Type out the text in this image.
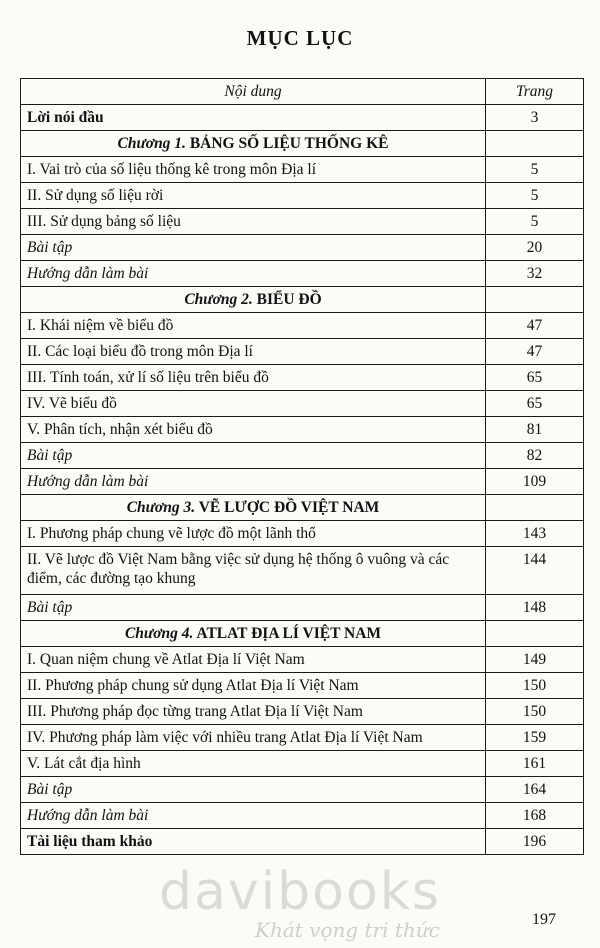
MỤC LỤC
Nội dung	Trang
Lời nói đầu	3
Chương 1. BẢNG SỐ LIỆU THỐNG KÊ	
I. Vai trò của số liệu thống kê trong môn Địa lí	5
II. Sử dụng số liệu rời	5
III. Sử dụng bảng số liệu	5
Bài tập	20
Hướng dẫn làm bài	32
Chương 2. BIỂU ĐỒ	
I. Khái niệm về biểu đồ	47
II. Các loại biểu đồ trong môn Địa lí	47
III. Tính toán, xử lí số liệu trên biểu đồ	65
IV. Vẽ biểu đồ	65
V. Phân tích, nhận xét biểu đồ	81
Bài tập	82
Hướng dẫn làm bài	109
Chương 3. VẼ LƯỢC ĐỒ VIỆT NAM	
I. Phương pháp chung vẽ lược đồ một lãnh thổ	143
II. Vẽ lược đồ Việt Nam bằng việc sử dụng hệ thống ô vuông và các điểm, các đường tạo khung	144
Bài tập	148
Chương 4. ATLAT ĐỊA LÍ VIỆT NAM	
I. Quan niệm chung về Atlat Địa lí Việt Nam	149
II. Phương pháp chung sử dụng Atlat Địa lí Việt Nam	150
III. Phương pháp đọc từng trang Atlat Địa lí Việt Nam	150
IV. Phương pháp làm việc với nhiều trang Atlat Địa lí Việt Nam	159
V. Lát cắt địa hình	161
Bài tập	164
Hướng dẫn làm bài	168
Tài liệu tham khảo	196
197
davibooks
Khát vọng tri thức
